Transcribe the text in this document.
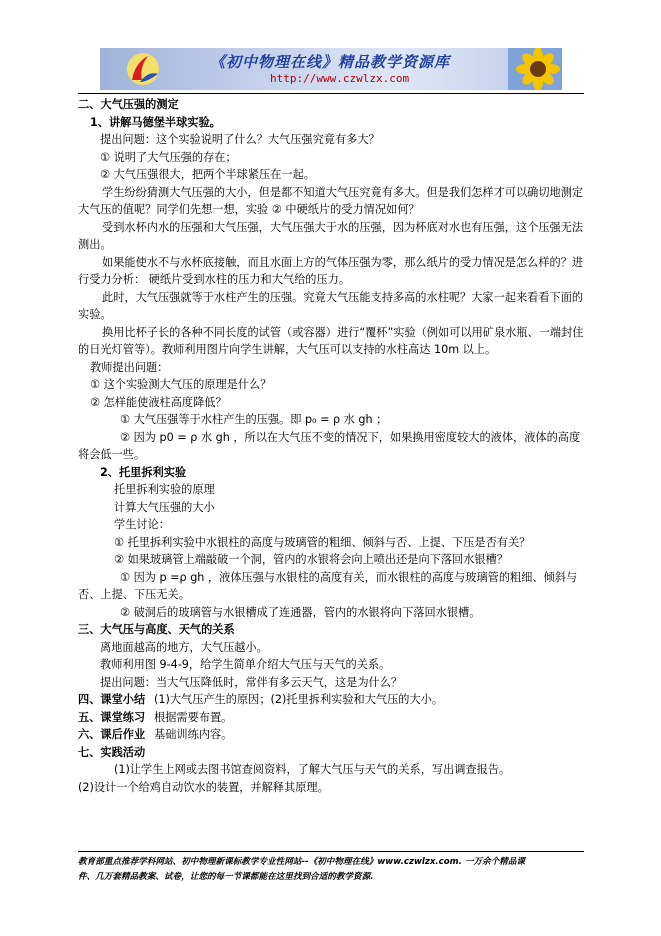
《初中物理在线》精品教学资源库
http://www.czwlzx.com

二、大气压强的测定

1、讲解马德堡半球实验。

提出问题：这个实验说明了什么？大气压强究竟有多大？

① 说明了大气压强的存在；

② 大气压强很大，把两个半球紧压在一起。

学生纷纷猜测大气压强的大小，但是都不知道大气压究竟有多大。但是我们怎样才可以确切地测定大气压的值呢？同学们先想一想，实验 ② 中硬纸片的受力情况如何？

受到水杯内水的压强和大气压强，大气压强大于水的压强，因为杯底对水也有压强，这个压强无法测出。

如果能使水不与水杯底接触，而且水面上方的气体压强为零，那么纸片的受力情况是怎么样的？进行受力分析： 硬纸片受到水柱的压力和大气给的压力。

此时，大气压强就等于水柱产生的压强。究竟大气压能支持多高的水柱呢？大家一起来看看下面的实验。

换用比杯子长的各种不同长度的试管（或容器）进行“覆杯”实验（例如可以用矿泉水瓶、一端封住的日光灯管等）。教师利用图片向学生讲解，大气压可以支持的水柱高达 10m 以上。

教师提出问题：

① 这个实验测大气压的原理是什么？

② 怎样能使液柱高度降低？

① 大气压强等于水柱产生的压强。即 p₀ = ρ 水 gh ；

② 因为 p0 = ρ 水 gh ，所以在大气压不变的情况下，如果换用密度较大的液体，液体的高度将会低一些。

2、托里拆利实验

托里拆利实验的原理

计算大气压强的大小

学生讨论：

① 托里拆利实验中水银柱的高度与玻璃管的粗细、倾斜与否、上提、下压是否有关？

② 如果玻璃管上端敲破一个洞，管内的水银将会向上喷出还是向下落回水银槽？

① 因为 p =ρ gh ，液体压强与水银柱的高度有关，而水银柱的高度与玻璃管的粗细、倾斜与否、上提、下压无关。

② 破洞后的玻璃管与水银槽成了连通器，管内的水银将向下落回水银槽。

三、大气压与高度、天气的关系

离地面越高的地方，大气压越小。

教师利用图 9-4-9，给学生简单介绍大气压与天气的关系。

提出问题：当大气压降低时，常伴有多云天气，这是为什么？

四、课堂小结 (1)大气压产生的原因；(2)托里拆利实验和大气压的大小。

五、课堂练习 根据需要布置。

六、课后作业 基础训练内容。

七、实践活动

(1)让学生上网或去图书馆查阅资料，了解大气压与天气的关系，写出调查报告。

(2)设计一个给鸡自动饮水的装置，并解释其原理。

教育部重点推荐学科网站、初中物理新课标教学专业性网站--《初中物理在线》www.czwlzx.com. 一万余个精品课
件、几万套精品教案、试卷，让您的每一节课都能在这里找到合适的教学资源.
